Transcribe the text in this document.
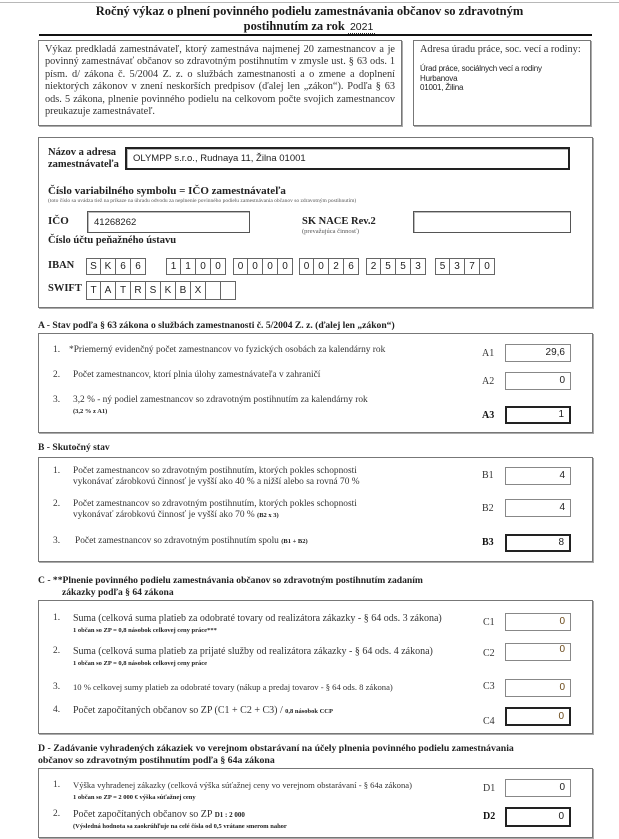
Ročný výkaz o plnení povinného podielu zamestnávania občanov so zdravotným
postihnutím za rok 2021
Výkaz predkladá zamestnávateľ, ktorý zamestnáva najmenej 20 zamestnancov a je povinný zamestnávať občanov so zdravotným postihnutím v zmysle ust. § 63 ods. 1 písm. d/ zákona č. 5/2004 Z. z. o službách zamestnanosti a o zmene a doplnení niektorých zákonov v znení neskorších predpisov (ďalej len „zákon“). Podľa § 63 ods. 5 zákona, plnenie povinného podielu na celkovom počte svojich zamestnancov preukazuje zamestnávateľ.
Adresa úradu práce, soc. vecí a rodiny:
Úrad práce, sociálnych vecí a rodiny
Hurbanova
01001, Žilina
Názov a adresa
zamestnávateľa
OLYMPP s.r.o., Rudnaya 11, Žilna 01001
Číslo variabilného symbolu = IČO zamestnávateľa
(toto číslo sa uvádza tiež na príkaze na úhradu odvodu za neplnenie povinného podielu zamestnávania občanov so zdravotným postihnutím)
IČO	41268262	SK NACE Rev.2
(prevažujúca činnosť)
Číslo účtu peňažného ústavu
IBAN	S K 6 6	1 1 0 0	0 0 0 0	0 0 2 6	2 5 5 3	5 3 7 0
SWIFT T A T R S K B X
A - Stav podľa § 63 zákona o službách zamestnanosti č. 5/2004 Z. z. (ďalej len „zákon“)
1. *Priemerný evidenčný počet zamestnancov vo fyzických osobách za kalendárny rok	A1	29,6
2. Počet zamestnancov, ktorí plnia úlohy zamestnávateľa v zahraničí
A2	0
3. 3,2 % - ný podiel zamestnancov so zdravotným postihnutím za kalendárny rok
(3,2 % z A1)	A3	1
B - Skutočný stav
1. Počet zamestnancov so zdravotným postihnutím, ktorých pokles schopnosti
vykonávať zárobkovú činnosť je vyšší ako 40 % a nižší alebo sa rovná 70 %
B1	4
2. Počet zamestnancov so zdravotným postihnutím, ktorých pokles schopnosti
vykonávať zárobkovú činnosť je vyšší ako 70 % (B2 x 3)
B2	4
3. Počet zamestnancov so zdravotným postihnutím spolu (B1 + B2)	B3	8
C - **Plnenie povinného podielu zamestnávania občanov so zdravotným postihnutím zadaním
zákazky podľa § 64 zákona
1. Suma (celková suma platieb za odobraté tovary od realizátora zákazky - § 64 ods. 3 zákona)
1 občan so ZP = 0,8 násobok celkovej ceny práce***
C1	0
2. Suma (celková suma platieb za prijaté služby od realizátora zákazky - § 64 ods. 4 zákona)
1 občan so ZP = 0,8 násobok celkovej ceny práce
C2	0
3. 10 % celkovej sumy platieb za odobraté tovary (nákup a predaj tovarov - § 64 ods. 8 zákona)	C3	0
4. Počet započítaných občanov so ZP (C1 + C2 + C3) / 0,8 násobok CCP
C4	0
D - Zadávanie vyhradených zákaziek vo verejnom obstarávaní na účely plnenia povinného podielu zamestnávania
občanov so zdravotným postihnutím podľa § 64a zákona
1. Výška vyhradenej zákazky (celková výška súťažnej ceny vo verejnom obstarávaní - § 64a zákona)
1 občan so ZP = 2 000 € výška súťažnej ceny
D1	0
2. Počet započítaných občanov so ZP D1 : 2 000
(Výsledná hodnota sa zaokrúhľuje na celé čísla od 0,5 vrátane smerom nahor
D2	0
